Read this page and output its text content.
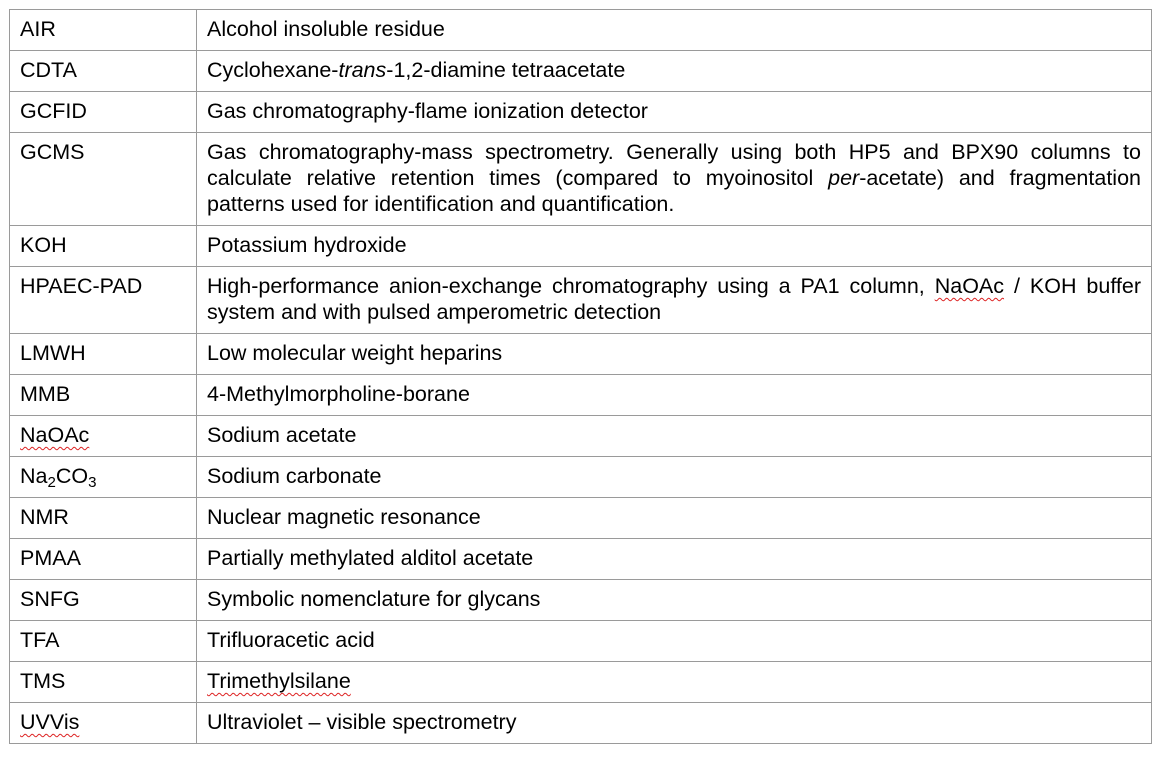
AIR	Alcohol insoluble residue
CDTA	Cyclohexane-trans-1,2-diamine tetraacetate
GCFID	Gas chromatography-flame ionization detector
GCMS	Gas chromatography-mass spectrometry. Generally using both HP5 and BPX90 columns to calculate relative retention times (compared to myoinositol per-acetate) and fragmentation patterns used for identification and quantification.
KOH	Potassium hydroxide
HPAEC-PAD	High-performance anion-exchange chromatography using a PA1 column, NaOAc / KOH buffer system and with pulsed amperometric detection
LMWH	Low molecular weight heparins
MMB	4-Methylmorpholine-borane
NaOAc	Sodium acetate
$Na_2CO_3$	Sodium carbonate
NMR	Nuclear magnetic resonance
PMAA	Partially methylated alditol acetate
SNFG	Symbolic nomenclature for glycans
TFA	Trifluoracetic acid
TMS	Trimethylsilane
UVVis	Ultraviolet – visible spectrometry
